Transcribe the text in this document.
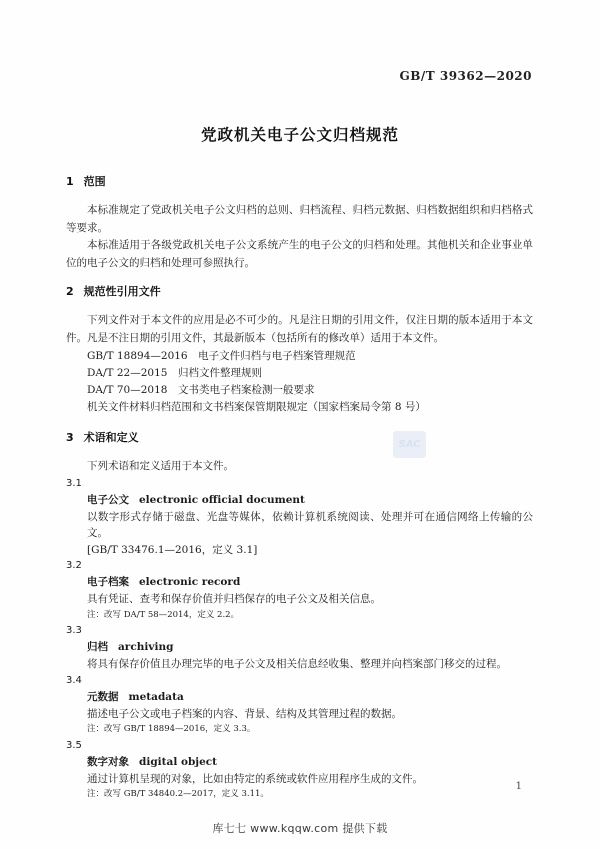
GB/T 39362—2020
党政机关电子公文归档规范
1 范围

本标准规定了党政机关电子公文归档的总则、归档流程、归档元数据、归档数据组织和归档格式等要求。

本标准适用于各级党政机关电子公文系统产生的电子公文的归档和处理。其他机关和企业事业单位的电子公文的归档和处理可参照执行。

2 规范性引用文件

下列文件对于本文件的应用是必不可少的。凡是注日期的引用文件，仅注日期的版本适用于本文件。凡是不注日期的引用文件，其最新版本（包括所有的修改单）适用于本文件。

GB/T 18894—2016　电子文件归档与电子档案管理规范
DA/T 22—2015　归档文件整理规则
DA/T 70—2018　文书类电子档案检测一般要求
机关文件材料归档范围和文书档案保管期限规定（国家档案局令第 8 号）
3 术语和定义

下列术语和定义适用于本文件。

3.1
电子公文 electronic official document
以数字形式存储于磁盘、光盘等媒体，依赖计算机系统阅读、处理并可在通信网络上传输的公文。
[GB/T 33476.1—2016，定义 3.1]
3.2
电子档案 electronic record
具有凭证、查考和保存价值并归档保存的电子公文及相关信息。
注：改写 DA/T 58—2014，定义 2.2。
3.3
归档 archiving
将具有保存价值且办理完毕的电子公文及相关信息经收集、整理并向档案部门移交的过程。
3.4
元数据 metadata
描述电子公文或电子档案的内容、背景、结构及其管理过程的数据。
注：改写 GB/T 18894—2016，定义 3.3。
3.5
数字对象 digital object
通过计算机呈现的对象，比如由特定的系统或软件应用程序生成的文件。
注：改写 GB/T 34840.2—2017，定义 3.11。
SAC
1
库七七 www.kqqw.com 提供下载
